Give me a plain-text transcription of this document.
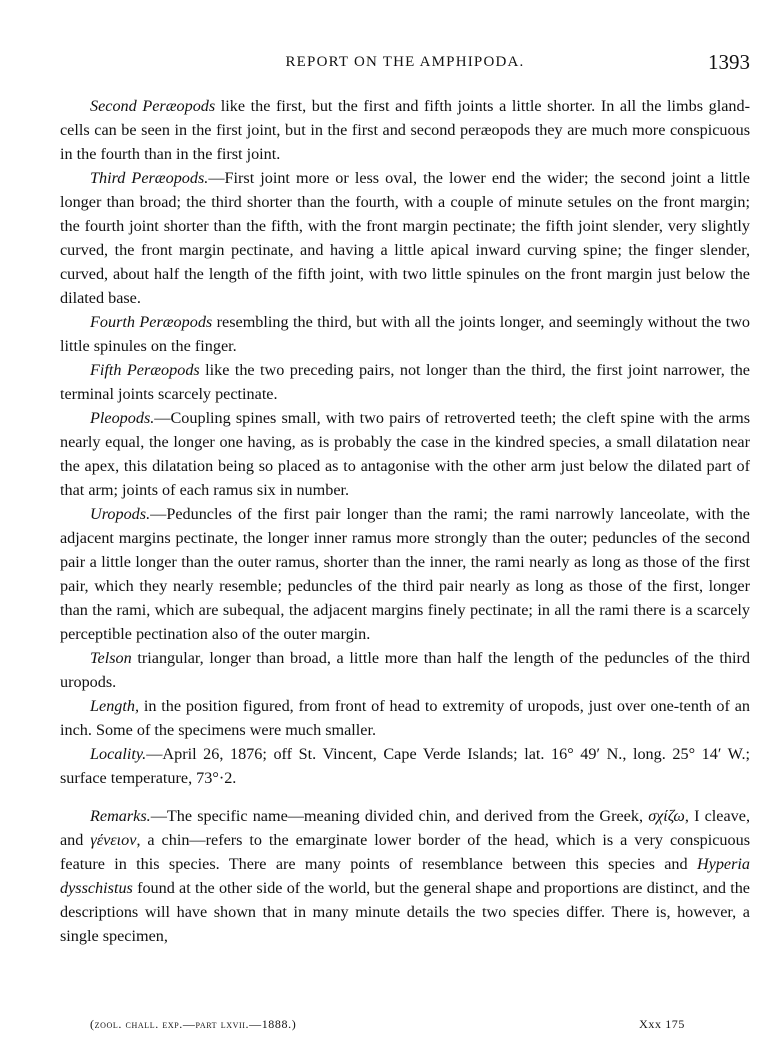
REPORT ON THE AMPHIPODA.	1393

Second Peræopods like the first, but the first and fifth joints a little shorter. In all the limbs gland-cells can be seen in the first joint, but in the first and second peræopods they are much more conspicuous in the fourth than in the first joint.

Third Peræopods.—First joint more or less oval, the lower end the wider; the second joint a little longer than broad; the third shorter than the fourth, with a couple of minute setules on the front margin; the fourth joint shorter than the fifth, with the front margin pectinate; the fifth joint slender, very slightly curved, the front margin pectinate, and having a little apical inward curving spine; the finger slender, curved, about half the length of the fifth joint, with two little spinules on the front margin just below the dilated base.

Fourth Peræopods resembling the third, but with all the joints longer, and seemingly without the two little spinules on the finger.

Fifth Peræopods like the two preceding pairs, not longer than the third, the first joint narrower, the terminal joints scarcely pectinate.

Pleopods.—Coupling spines small, with two pairs of retroverted teeth; the cleft spine with the arms nearly equal, the longer one having, as is probably the case in the kindred species, a small dilatation near the apex, this dilatation being so placed as to antagonise with the other arm just below the dilated part of that arm; joints of each ramus six in number.

Uropods.—Peduncles of the first pair longer than the rami; the rami narrowly lanceolate, with the adjacent margins pectinate, the longer inner ramus more strongly than the outer; peduncles of the second pair a little longer than the outer ramus, shorter than the inner, the rami nearly as long as those of the first pair, which they nearly resemble; peduncles of the third pair nearly as long as those of the first, longer than the rami, which are subequal, the adjacent margins finely pectinate; in all the rami there is a scarcely perceptible pectination also of the outer margin.

Telson triangular, longer than broad, a little more than half the length of the peduncles of the third uropods.

Length, in the position figured, from front of head to extremity of uropods, just over one-tenth of an inch. Some of the specimens were much smaller.

Locality.—April 26, 1876; off St. Vincent, Cape Verde Islands; lat. 16° 49′ N., long. 25° 14′ W.; surface temperature, 73°·2.

Remarks.—The specific name—meaning divided chin, and derived from the Greek, σχίζω, I cleave, and γένειον, a chin—refers to the emarginate lower border of the head, which is a very conspicuous feature in this species. There are many points of resemblance between this species and Hyperia dysschistus found at the other side of the world, but the general shape and proportions are distinct, and the descriptions will have shown that in many minute details the two species differ. There is, however, a single specimen,

(zool. chall. exp.—part lxvii.—1888.)	Xxx 175
